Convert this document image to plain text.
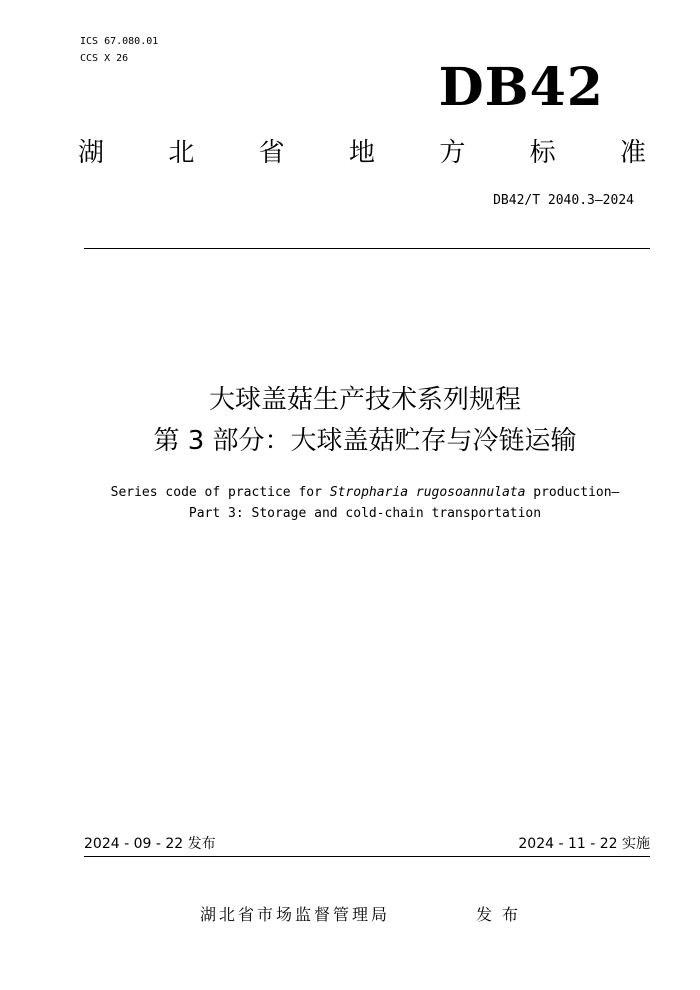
ICS 67.080.01
CCS X 26	DB42
湖 北 省 地 方 标 准
DB42/T 2040.3—2024
大球盖菇生产技术系列规程
第 3 部分：大球盖菇贮存与冷链运输
Series code of practice for Stropharia rugosoannulata production—
Part 3: Storage and cold-chain transportation
2024 - 09 - 22 发布	2024 - 11 - 22 实施
湖北省市场监督管理局	发布
